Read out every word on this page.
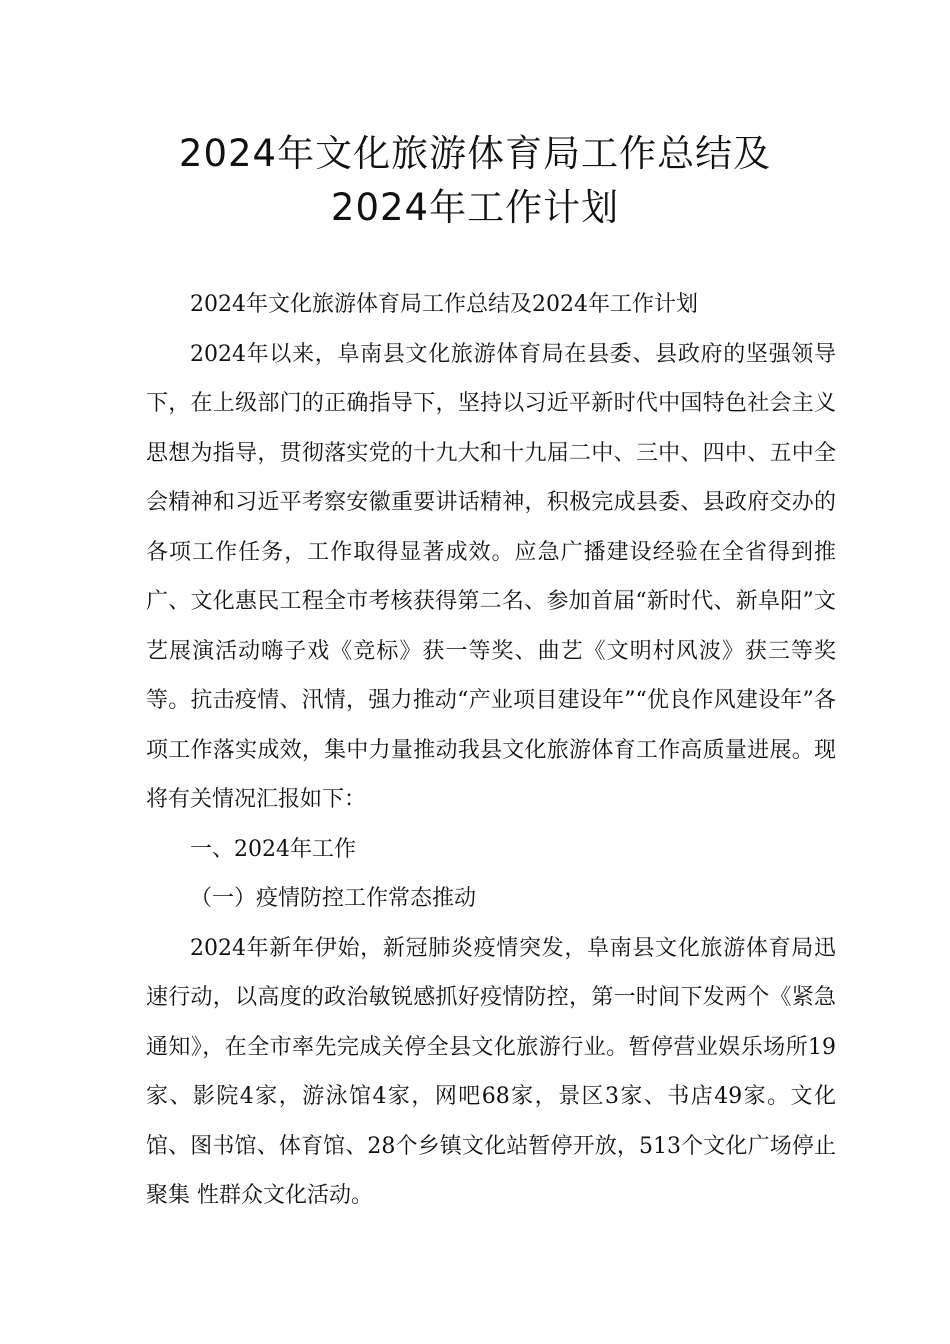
2024年文化旅游体育局工作总结及
2024年工作计划

2024年文化旅游体育局工作总结及2024年工作计划

2024年以来，阜南县文化旅游体育局在县委、县政府的坚强领导下，在上级部门的正确指导下，坚持以习近平新时代中国特色社会主义思想为指导，贯彻落实党的十九大和十九届二中、三中、四中、五中全会精神和习近平考察安徽重要讲话精神，积极完成县委、县政府交办的各项工作任务，工作取得显著成效。应急广播建设经验在全省得到推广、文化惠民工程全市考核获得第二名、参加首届“新时代、新阜阳”文艺展演活动嗨子戏《竞标》获一等奖、曲艺《文明村风波》获三等奖等。抗击疫情、汛情，强力推动“产业项目建设年”“优良作风建设年”各项工作落实成效，集中力量推动我县文化旅游体育工作高质量进展。现将有关情况汇报如下：

一、2024年工作

（一）疫情防控工作常态推动

2024年新年伊始，新冠肺炎疫情突发，阜南县文化旅游体育局迅速行动，以高度的政治敏锐感抓好疫情防控，第一时间下发两个《紧急通知》，在全市率先完成关停全县文化旅游行业。暂停营业娱乐场所19家、影院4家，游泳馆4家，网吧68家，景区3家、书店49家。文化馆、图书馆、体育馆、28个乡镇文化站暂停开放，513个文化广场停止聚集 性群众文化活动。
